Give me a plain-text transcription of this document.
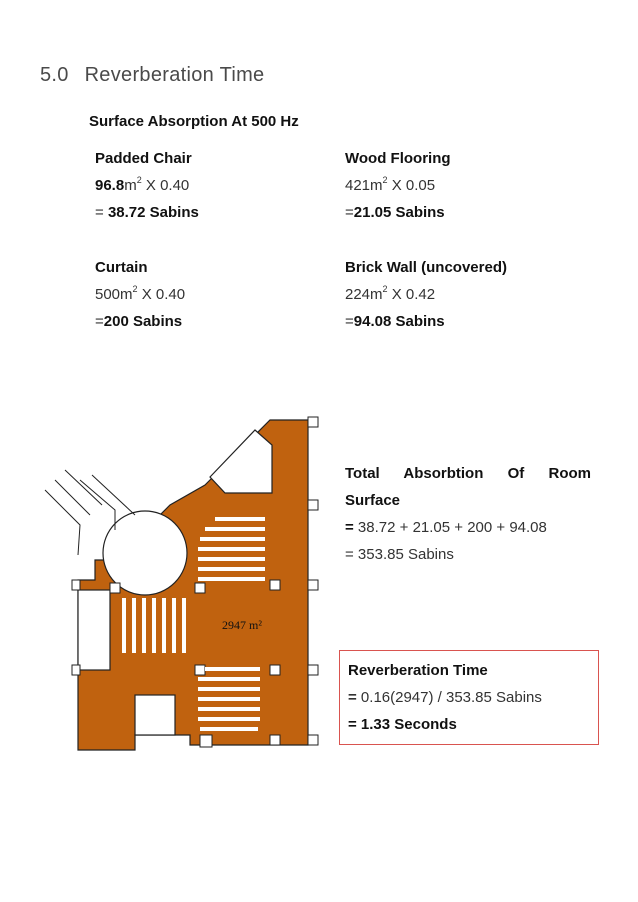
5.0 Reverberation Time
Surface Absorption At 500 Hz
Padded Chair
$96.8m^2$ X 0.40
= 38.72 Sabins
Wood Flooring
$421m^2$ X 0.05
=21.05 Sabins
Curtain
$500m^2$ X 0.40
=200 Sabins
Brick Wall (uncovered)
$224m^2$ X 0.42
=94.08 Sabins
2947 m²
Total Absorbtion Of Room
Surface
= 38.72 + 21.05 + 200 + 94.08
= 353.85 Sabins
Reverberation Time
= 0.16(2947) / 353.85 Sabins
= 1.33 Seconds
